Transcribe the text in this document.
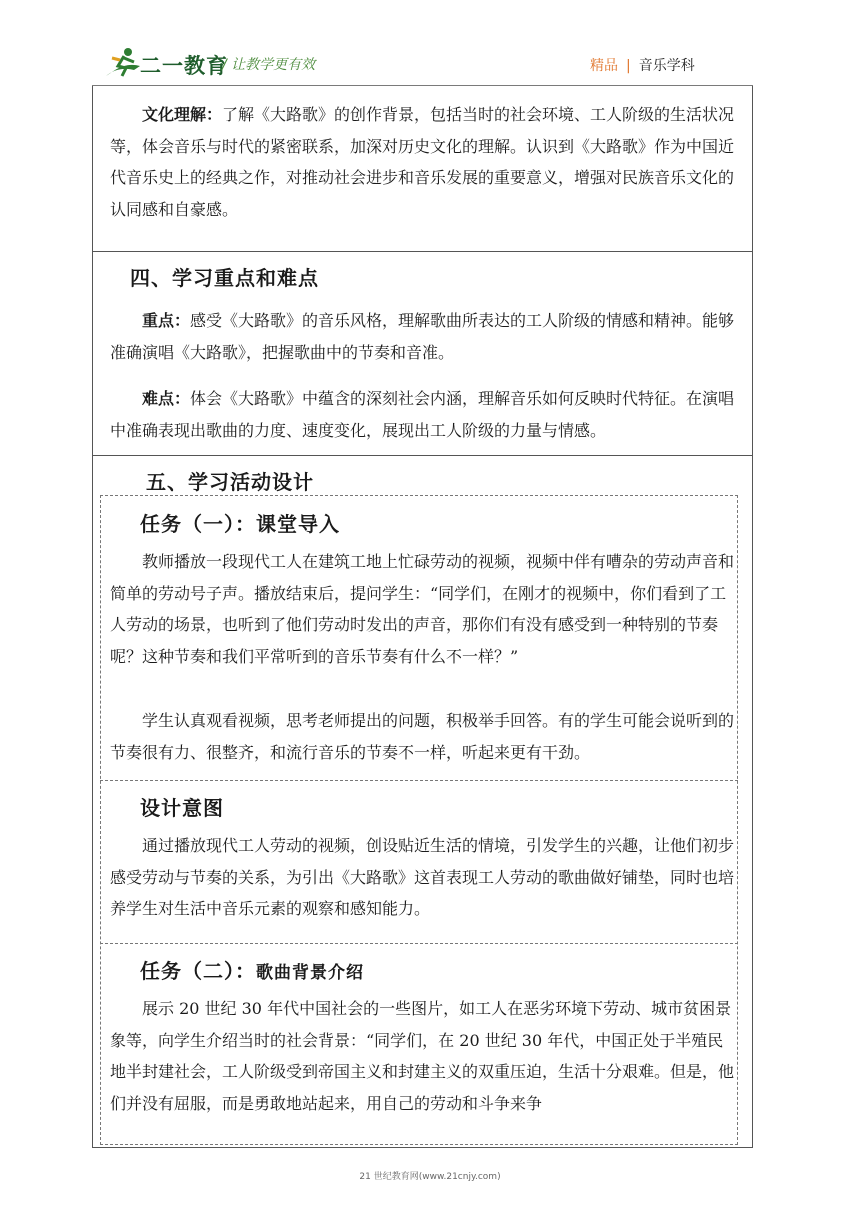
二一教育
/ 让教学更有效	精品 | 音乐学科

文化理解：了解《大路歌》的创作背景，包括当时的社会环境、工人阶级的生活状况等，体会音乐与时代的紧密联系，加深对历史文化的理解。认识到《大路歌》作为中国近代音乐史上的经典之作，对推动社会进步和音乐发展的重要意义，增强对民族音乐文化的认同感和自豪感。

四、学习重点和难点

重点：感受《大路歌》的音乐风格，理解歌曲所表达的工人阶级的情感和精神。能够准确演唱《大路歌》，把握歌曲中的节奏和音准。

难点：体会《大路歌》中蕴含的深刻社会内涵，理解音乐如何反映时代特征。在演唱中准确表现出歌曲的力度、速度变化，展现出工人阶级的力量与情感。

五、学习活动设计
任务（一）：课堂导入

教师播放一段现代工人在建筑工地上忙碌劳动的视频，视频中伴有嘈杂的劳动声音和简单的劳动号子声。播放结束后，提问学生：“同学们，在刚才的视频中，你们看到了工人劳动的场景，也听到了他们劳动时发出的声音，那你们有没有感受到一种特别的节奏呢？这种节奏和我们平常听到的音乐节奏有什么不一样？”

学生认真观看视频，思考老师提出的问题，积极举手回答。有的学生可能会说听到的节奏很有力、很整齐，和流行音乐的节奏不一样，听起来更有干劲。

设计意图

通过播放现代工人劳动的视频，创设贴近生活的情境，引发学生的兴趣，让他们初步感受劳动与节奏的关系，为引出《大路歌》这首表现工人劳动的歌曲做好铺垫，同时也培养学生对生活中音乐元素的观察和感知能力。

任务（二）：歌曲背景介绍

展示 20 世纪 30 年代中国社会的一些图片，如工人在恶劣环境下劳动、城市贫困景象等，向学生介绍当时的社会背景：“同学们，在 20 世纪 30 年代，中国正处于半殖民地半封建社会，工人阶级受到帝国主义和封建主义的双重压迫，生活十分艰难。但是，他们并没有屈服，而是勇敢地站起来，用自己的劳动和斗争来争

21 世纪教育网(www.21cnjy.com)
